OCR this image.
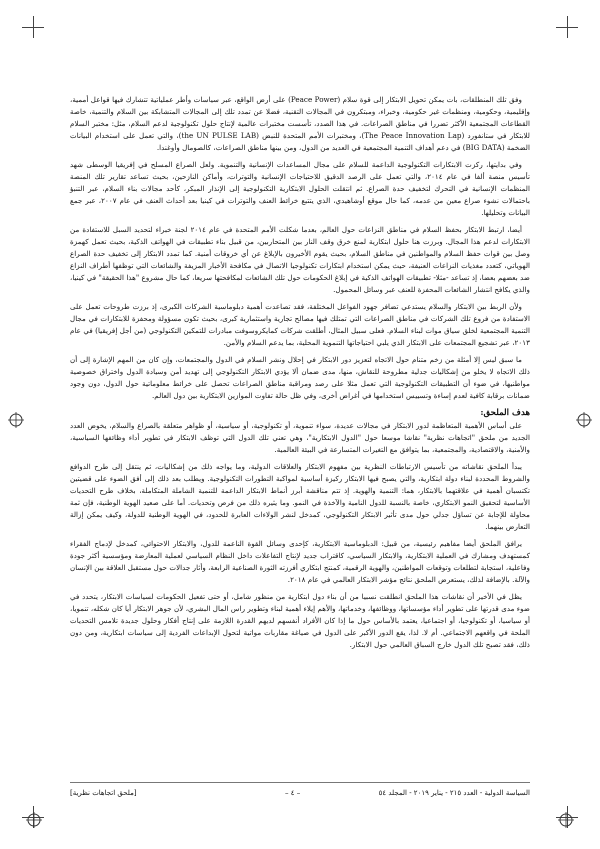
وفق تلك المنطلقات، بات يمكن تحويل الابتكار إلى قوة سلام (Peace Power) على أرض الواقع، عبر سياسات وأطر عملياتية تتشارك فيها قواعل أممية، وإقليمية، وحكومية، ومنظمات غير حكومية، وخبراء، ومبتكرون في المجالات التقنية، فضلا عن تمدد تلك إلى المجالات المتشابكة بين السلام والتنمية، خاصة القطاعات المجتمعية الأكثر تضررا في مناطق الصراعات. في هذا الصدد، تأسست مختبرات عالمية لإنتاج حلول تكنولوجية لدعم السلام، مثل: مختبر السلام للابتكار في ستانفورد (The Peace Innovation Lap)، ومختبرات الأمم المتحدة للنبض (the UN PULSE LAB)، والتي تعمل على استخدام البيانات الضخمة (BIG DATA) في دعم أهداف التنمية المجتمعية في العديد من الدول، ومن بينها مناطق الصراعات، كالصومال وأوغندا.

وفي بدايتها، ركزت الابتكارات التكنولوجية الداعمة للسلام على مجال المساعدات الإنسانية والتنموية. ولعل الصراع المسلح في إفريقيا الوسطى شهد تأسيس منصة ألفا في عام ٢٠١٤، والتي تعمل على الرصد الدقيق للاحتياجات الإنسانية والتوترات، وأماكن النازحين، بحيث تساعد تقارير تلك المنصة المنظمات الإنسانية في التحرك لتخفيف حدة الصراع. ثم انتقلت الحلول الابتكارية التكنولوجية إلى الإنذار المبكر، كأحد مجالات بناء السلام، عبر التنبؤ باحتمالات نشوء صراع معين من عدمه، كما حال موقع أوشاهيدي، الذي يتتبع خرائط العنف والتوترات في كينيا بعد أحداث العنف في عام ٢٠٠٧، عبر جمع البيانات وتحليلها.

أيضا، ارتبط الابتكار بحفظ السلام في مناطق النزاعات حول العالم، بعدما شكلت الأمم المتحدة في عام ٢٠١٤ لجنة خبراء لتحديد السبل للاستفادة من الابتكارات لدعم هذا المجال. وبرزت هنا حلول ابتكارية لمنع خرق وقف النار بين المتحاربين، من قبيل بناء تطبيقات في الهواتف الذكية، بحيث تعمل كهمزة وصل بين قوات حفظ السلام والمواطنين في مناطق السلام، بحيث يقوم الأخيرون بالإبلاغ عن أي خروقات أمنية. كما تمدد الابتكار إلى تخفيف حدة الصراع الهوياتي، كتعدد مغذيات النزاعات العنيفة، حيث يمكن استخدام ابتكارات تكنولوجيا الاتصال في مكافحة الأخبار المزيفة والشائعات التي توظفها أطراف النزاع ضد بعضهم بعضا، إذ تساعد -مثلا- تطبيقات الهواتف الذكية في إبلاغ الحكومات حول تلك الشائعات لمكافحتها سريعا، كما حال مشروع "هذا الحقيقة" في كينيا، والذي يكافح انتشار الشائعات المحفزة للعنف عبر وسائل المحمول.

ولأن الربط بين الابتكار والسلام يستدعي تضافر جهود الفواعل المختلفة، فقد تصاعدت أهمية دبلوماسية الشركات الكبرى، إذ برزت طروحات تعمل على الاستفادة من فروع تلك الشركات في مناطق الصراعات التي تمتلك فيها مصالح تجارية واستثمارية كبرى، بحيث تكون مسؤولة ومحفزة للابتكارات في مجال التنمية المجتمعية لخلق سياق موات لبناء السلام. فعلى سبيل المثال، أطلقت شركات كمايكروسوفت مبادرات للتمكين التكنولوجي (من أجل إفريقيا) في عام ٢٠١٣، عبر تشجيع المجتمعات على الابتكار الذي يلبي احتياجاتها التنموية المحلية، بما يدعم السلام والأمن.

ما سبق ليس إلا أمثلة من زخم متنام حول الاتجاه لتعزيز دور الابتكار في إحلال ونشر السلام في الدول والمجتمعات، وإن كان من المهم الإشارة إلى أن ذلك الاتجاه لا يخلو من إشكاليات جدلية مطروحة للنقاش، منها، مدى ضمان ألا يؤدي الابتكار التكنولوجي إلى تهديد أمن وسيادة الدول واختراق خصوصية مواطنيها، في ضوء أن التطبيقات التكنولوجية التي تعمل مثلا على رصد ومراقبة مناطق الصراعات تحصل على خرائط معلوماتية حول الدول، دون وجود ضمانات برقابة كافية لعدم إساءة وتسييس استخدامها في أغراض أخرى، وفي ظل حالة تفاوت الموازين الابتكارية بين دول العالم.

هدف الملحق:

على أساس الأهمية المتعاظمة لدور الابتكار في مجالات عديدة، سواء تنموية، أو تكنولوجية، أو سياسية، أو ظواهر متعلقة بالصراع والسلام، يخوض العدد الجديد من ملحق "اتجاهات نظرية" نقاشا موسعا حول "الدول الابتكارية"، وهي تعني تلك الدول التي توظف الابتكار في تطوير أداء وظائفها السياسية، والأمنية، والاقتصادية، والمجتمعية، بما يتوافق مع التغيرات المتسارعة في البيئة العالمية.

يبدأ الملحق نقاشاته من تأسيس الارتباطات النظرية بين مفهوم الابتكار والعلاقات الدولية، وما يواجه ذلك من إشكاليات، ثم ينتقل إلى طرح الدوافع والشروط المحددة لبناء دولة ابتكارية، والتي يصبح فيها الابتكار ركيزة أساسية لمواكبة التطورات التكنولوجية. ويطلب بعد ذلك إلى أفق الضوء على قضيتين تكتسبان أهمية في علاقتهما بالابتكار، هما: التنمية والهوية. إذ تتم مناقشة أبرز أنماط الابتكار الداعمة للتنمية الشاملة المتكاملة، بخلاف طرح التحديات الأساسية لتحقيق النمو الابتكاري، خاصة بالنسبة للدول النامية والآخذة في النمو. وما يثيره ذلك من فرص وتحديات. أما على صعيد الهوية الوطنية، فإن ثمة محاولة للإجابة عن تساؤل جدلي حول مدى تأثير الابتكار التكنولوجي، كمدخل لنشر الولاءات العابرة للحدود، في الهوية الوطنية للدولة، وكيف يمكن إزالة التعارض بينهما.

يرافق الملحق أيضا مفاهيم رئيسية، من قبيل: الدبلوماسية الابتكارية، كإحدى وسائل القوة الناعمة للدول، والابتكار الاحتوائي، كمدخل لإدماج الفقراء كمستهدف ومشارك في العملية الابتكارية، والابتكار السياسي، كاقتراب جديد لإنتاج التفاعلات داخل النظام السياسي لعملية المعارضة ومؤسسية أكثر جودة وفاعلية، استجابة لتطلعات وتوقعات المواطنين، والهوية الرقمية، كمنتج ابتكاري أفرزته الثورة الصناعية الرابعة، وأثار جدالات حول مستقبل العلاقة بين الإنسان والآلة. بالإضافة لذلك، يستعرض الملحق نتائج مؤشر الابتكار العالمي في عام ٢٠١٨.

يظل في الأخير أن نقاشات هذا الملحق انطلقت نسبيا من أن بناء دول ابتكارية من منظور شامل، أو حتى تفعيل الحكومات لسياسات الابتكار، يتحدد في ضوء مدى قدرتها على تطوير أداء مؤسساتها، ووظائفها، وخدماتها، والأهم إيلاء أهمية لبناء وتطوير راس المال البشري، لأن جوهر الابتكار أيا كان شكله، تنمويا، أو سياسيا، أو تكنولوجيا، أو اجتماعيا، يعتمد بالأساس حول ما إذا كان الأفراد أنفسهم لديهم القدرة اللازمة على إنتاج أفكار وحلول جديدة تلامس التحديات الملحة في واقعهم الاجتماعي. أم لا. لذا، يقع الدور الأكبر على الدول في صياغة مقاربات مواتية لتحول الإبداعات الفردية إلى سياسات ابتكارية، ومن دون ذلك، فقد تصبح تلك الدول خارج السباق العالمي حول الابتكار.

السياسة الدولية - العدد ٢١٥ - يناير ٢٠١٩ - المجلد ٥٤
– ٤ –
[ملحق اتجاهات نظرية]
